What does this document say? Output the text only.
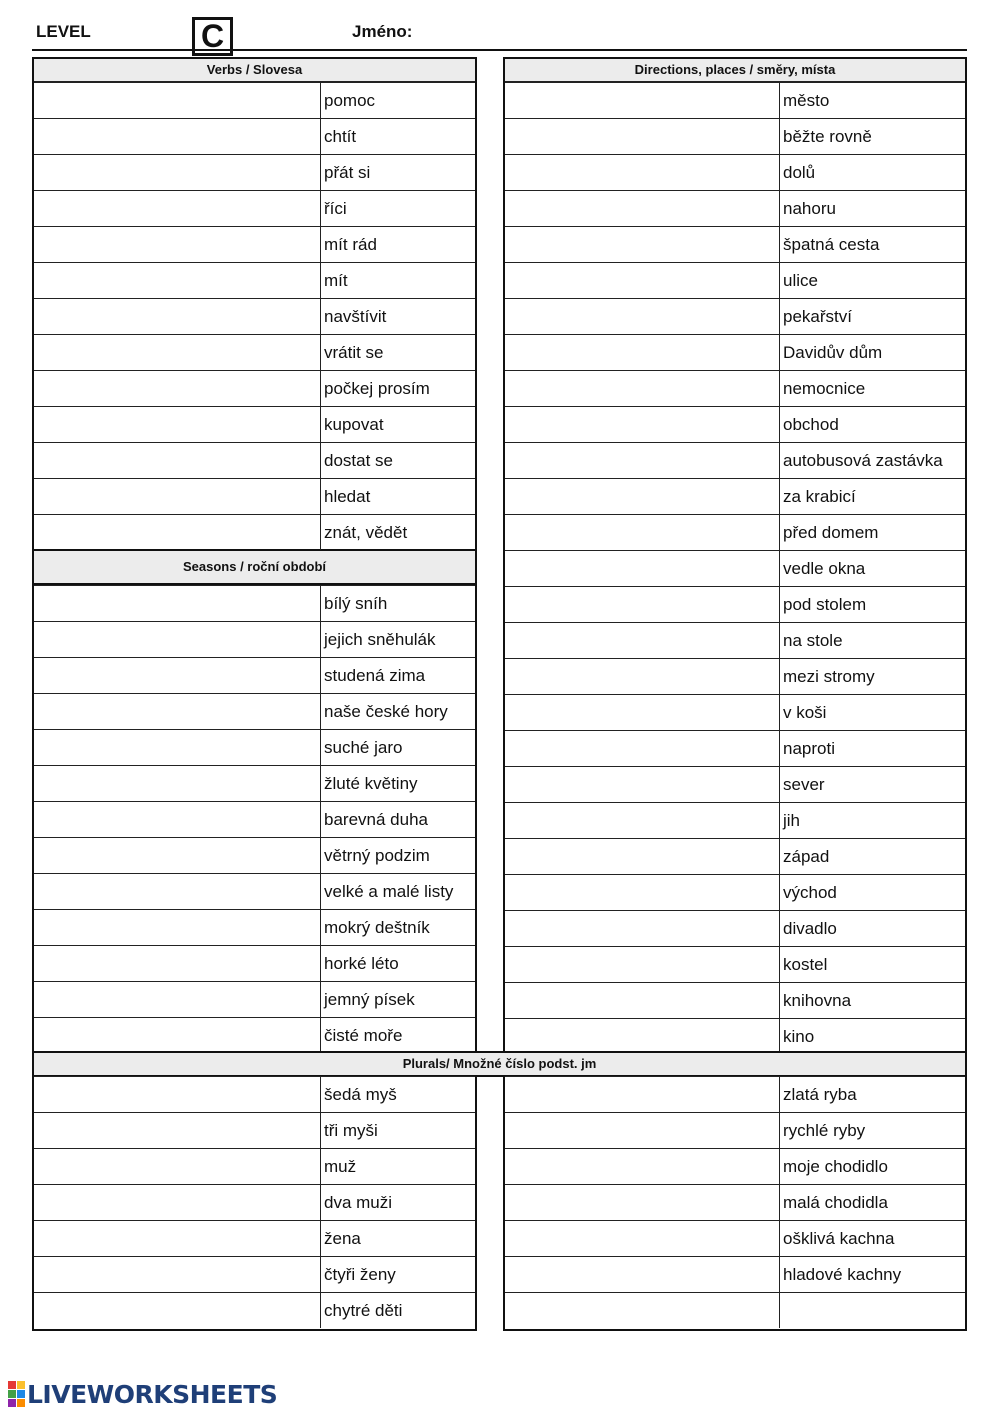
LEVEL	C	Jméno:
Verbs / Slovesa
Seasons / roční období
pomoc
chtít
přát si
říci
mít rád
mít
navštívit
vrátit se
počkej prosím
kupovat
dostat se
hledat
znát, vědět
bílý sníh
jejich sněhulák
studená zima
naše české hory
suché jaro
žluté květiny
barevná duha
větrný podzim
velké a malé listy
mokrý deštník
horké léto
jemný písek
čisté moře
Directions, places / směry, místa
město
běžte rovně
dolů
nahoru
špatná cesta
ulice
pekařství
Davidův dům
nemocnice
obchod
autobusová zastávka
za krabicí
před domem
vedle okna
pod stolem
na stole
mezi stromy
v koši
naproti
sever
jih
západ
východ
divadlo
kostel
knihovna
kino
Plurals/ Množné číslo podst. jm
šedá myš
tři myši
muž
dva muži
žena
čtyři ženy
chytré děti
zlatá ryba
rychlé ryby
moje chodidlo
malá chodidla
ošklivá kachna
hladové kachny
LIVEWORKSHEETS
